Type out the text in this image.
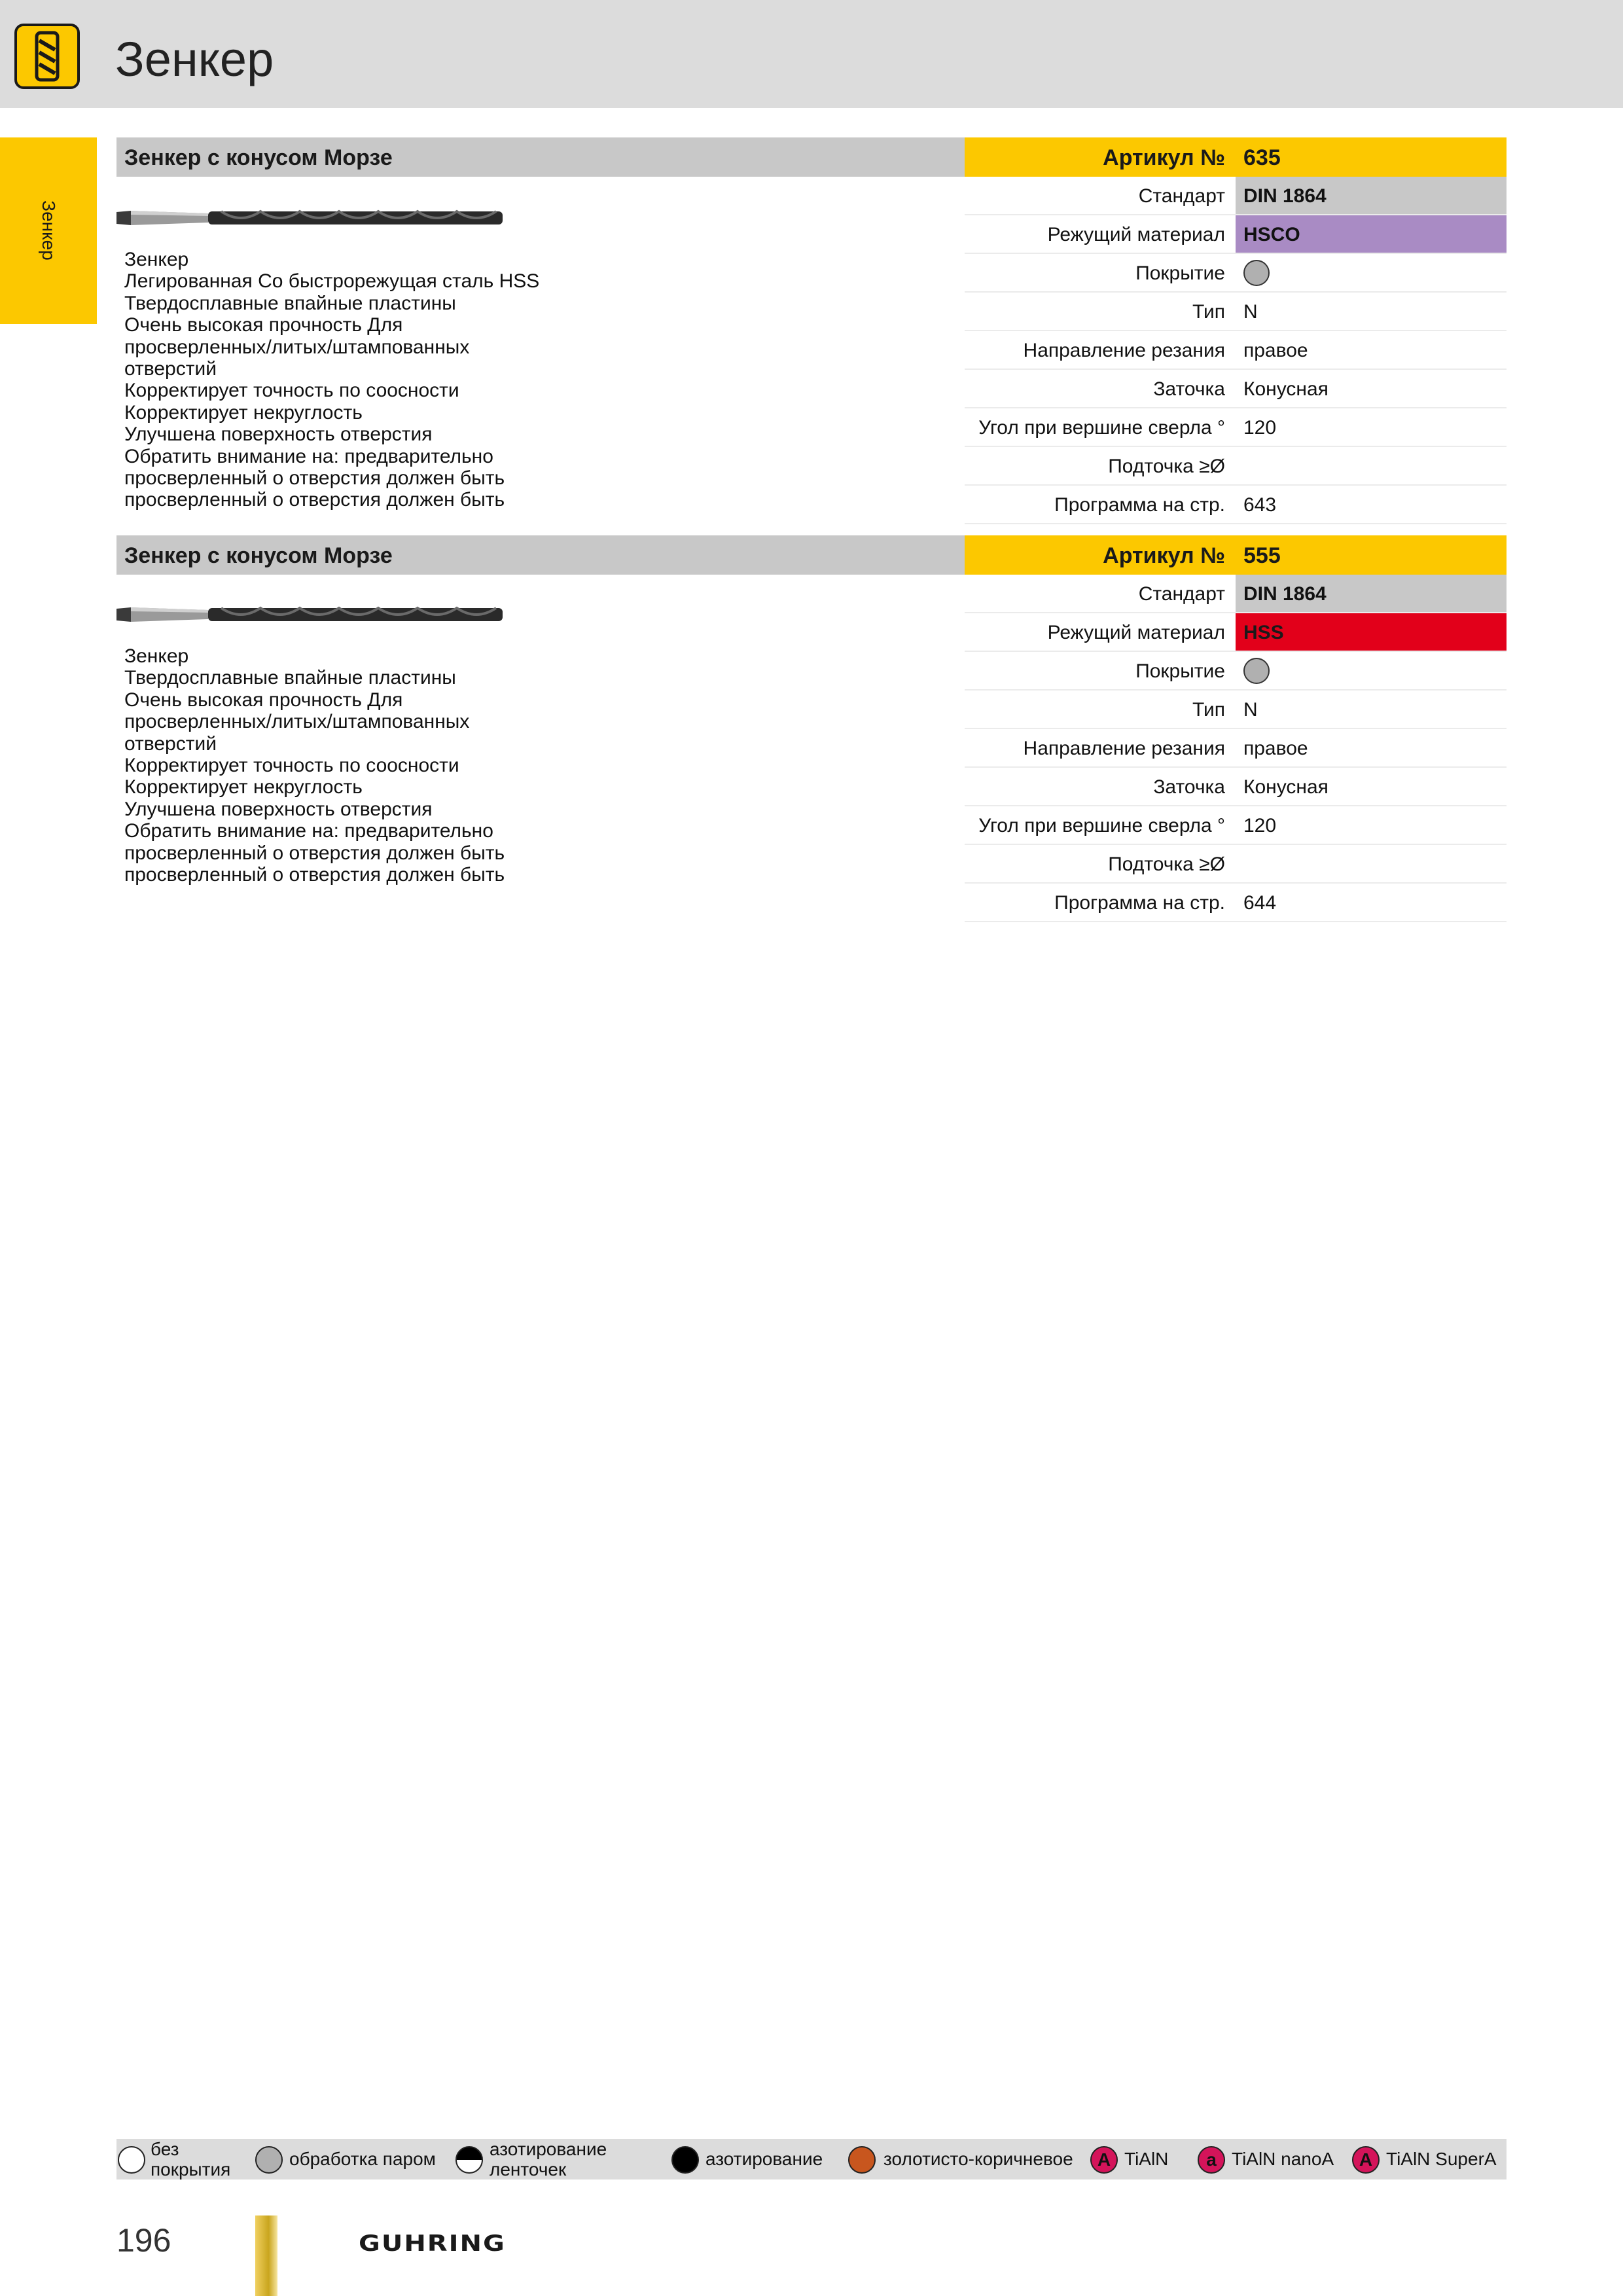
Зенкер
Зенкер
Зенкер с конусом Морзе	Артикул № 635
Зенкер
Легированная Co быстрорежущая сталь HSS
Твердосплавные впайные пластины
Очень высокая прочность Для
просверленных/литых/штампованных
отверстий
Корректирует точность по соосности
Корректирует некруглость
Улучшена поверхность отверстия
Обратить внимание на: предварительно
просверленный o отверстия должен быть
просверленный o отверстия должен быть
Стандарт DIN 1864
Режущий материал HSCO
Покрытие
Тип N
Направление резания правое
Заточка Конусная
Угол при вершине сверла ° 120
Подточка ≥Ø
Программа на стр. 643
Зенкер с конусом Морзе	Артикул № 555
Зенкер
Твердосплавные впайные пластины
Очень высокая прочность Для
просверленных/литых/штампованных
отверстий
Корректирует точность по соосности
Корректирует некруглость
Улучшена поверхность отверстия
Обратить внимание на: предварительно
просверленный o отверстия должен быть
просверленный o отверстия должен быть
Стандарт DIN 1864
Режущий материал HSS
Покрытие
Тип N
Направление резания правое
Заточка Конусная
Угол при вершине сверла ° 120
Подточка ≥Ø
Программа на стр. 644
без
покрытия
обработка паром	азотирование
ленточек
азотирование	золотисто-коричневое	A TiAlN	a TiAlN nanoA	A TiAlN SuperA
196	GUHRING
